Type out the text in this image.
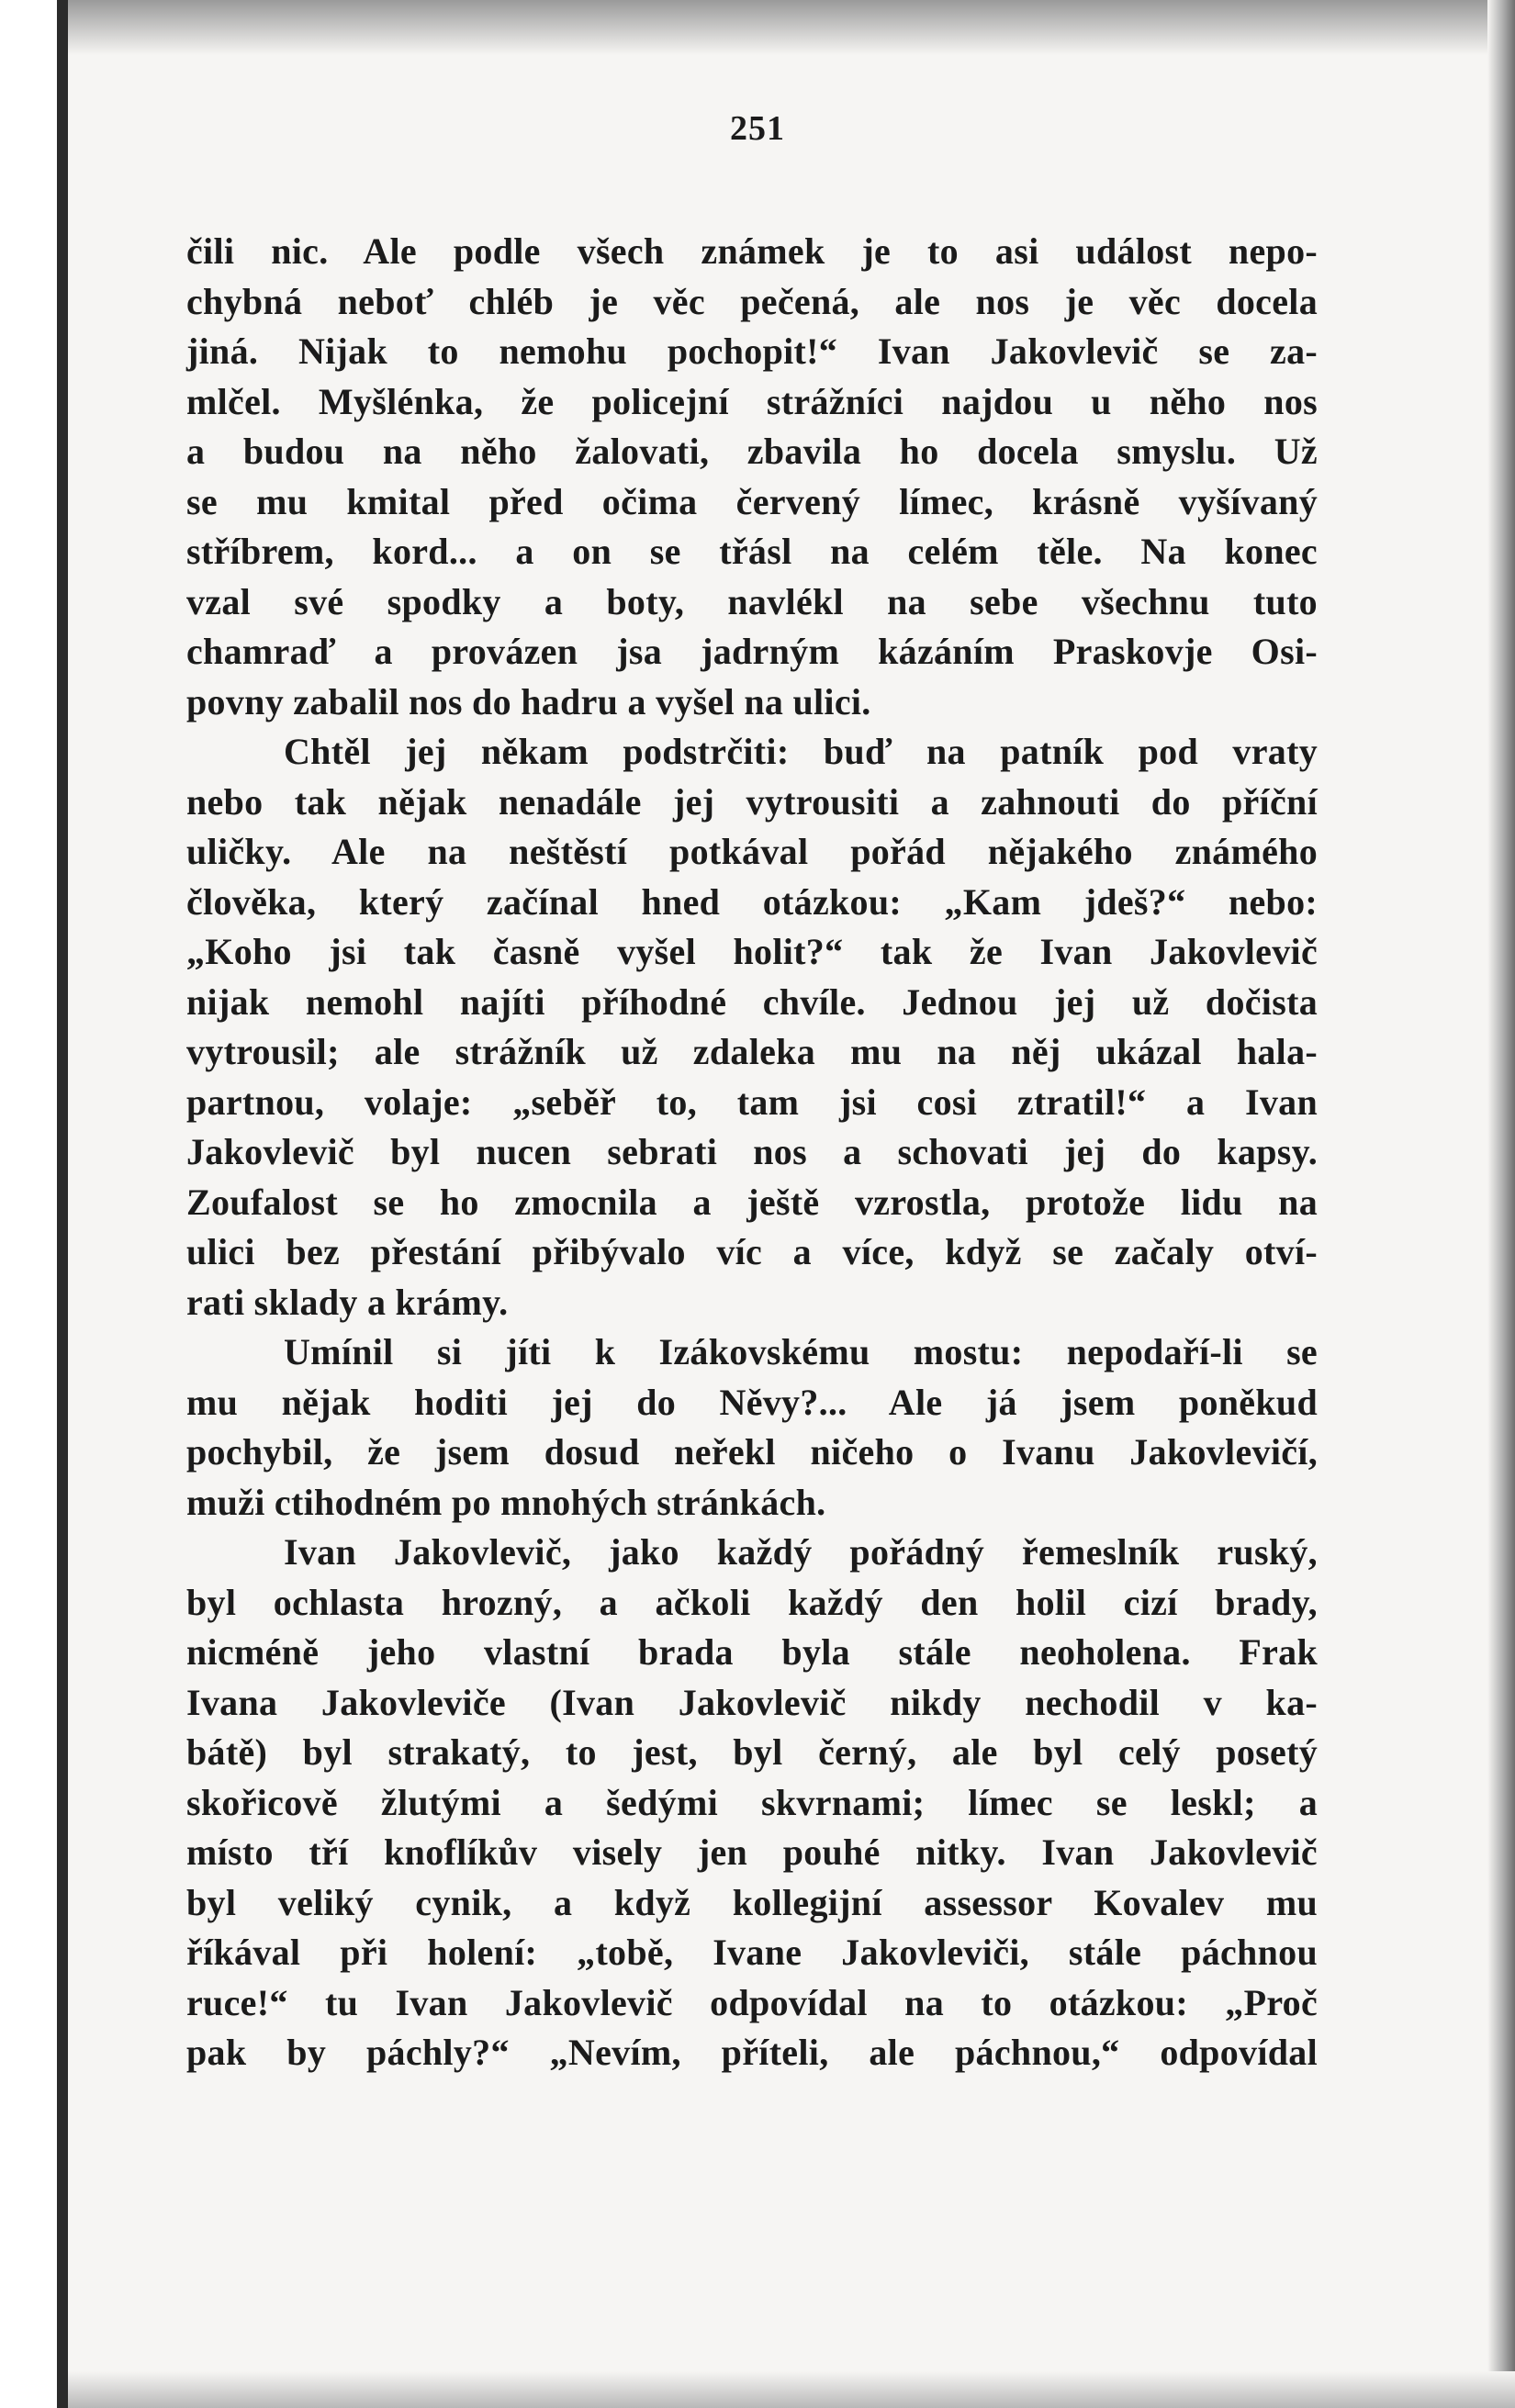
251
čili nic. Ale podle všech známek je to asi událost nepo-
chybná neboť chléb je věc pečená, ale nos je věc docela
jiná. Nijak to nemohu pochopit!“ Ivan Jakovlevič se za-
mlčel. Myšlénka, že policejní strážníci najdou u něho nos
a budou na něho žalovati, zbavila ho docela smyslu. Už
se mu kmital před očima červený límec, krásně vyšívaný
stříbrem, kord... a on se třásl na celém těle. Na konec
vzal své spodky a boty, navlékl na sebe všechnu tuto
chamraď a provázen jsa jadrným kázáním Praskovje Osi-
povny zabalil nos do hadru a vyšel na ulici.
Chtěl jej někam podstrčiti: buď na patník pod vraty
nebo tak nějak nenadále jej vytrousiti a zahnouti do příční
uličky. Ale na neštěstí potkával pořád nějakého známého
člověka, který začínal hned otázkou: „Kam jdeš?“ nebo:
„Koho jsi tak časně vyšel holit?“ tak že Ivan Jakovlevič
nijak nemohl najíti příhodné chvíle. Jednou jej už dočista
vytrousil; ale strážník už zdaleka mu na něj ukázal hala-
partnou, volaje: „seběř to, tam jsi cosi ztratil!“ a Ivan
Jakovlevič byl nucen sebrati nos a schovati jej do kapsy.
Zoufalost se ho zmocnila a ještě vzrostla, protože lidu na
ulici bez přestání přibývalo víc a více, když se začaly otví-
rati sklady a krámy.
Umínil si jíti k Izákovskému mostu: nepodaří-li se
mu nějak hoditi jej do Něvy?... Ale já jsem poněkud
pochybil, že jsem dosud neřekl ničeho o Ivanu Jakovlevičí,
muži ctihodném po mnohých stránkách.
Ivan Jakovlevič, jako každý pořádný řemeslník ruský,
byl ochlasta hrozný, a ačkoli každý den holil cizí brady,
nicméně jeho vlastní brada byla stále neoholena. Frak
Ivana Jakovleviče (Ivan Jakovlevič nikdy nechodil v ka-
bátě) byl strakatý, to jest, byl černý, ale byl celý posetý
skořicově žlutými a šedými skvrnami; límec se leskl; a
místo tří knoflíkův visely jen pouhé nitky. Ivan Jakovlevič
byl veliký cynik, a když kollegijní assessor Kovalev mu
říkával při holení: „tobě, Ivane Jakovleviči, stále páchnou
ruce!“ tu Ivan Jakovlevič odpovídal na to otázkou: „Proč
pak by páchly?“ „Nevím, příteli, ale páchnou,“ odpovídal
